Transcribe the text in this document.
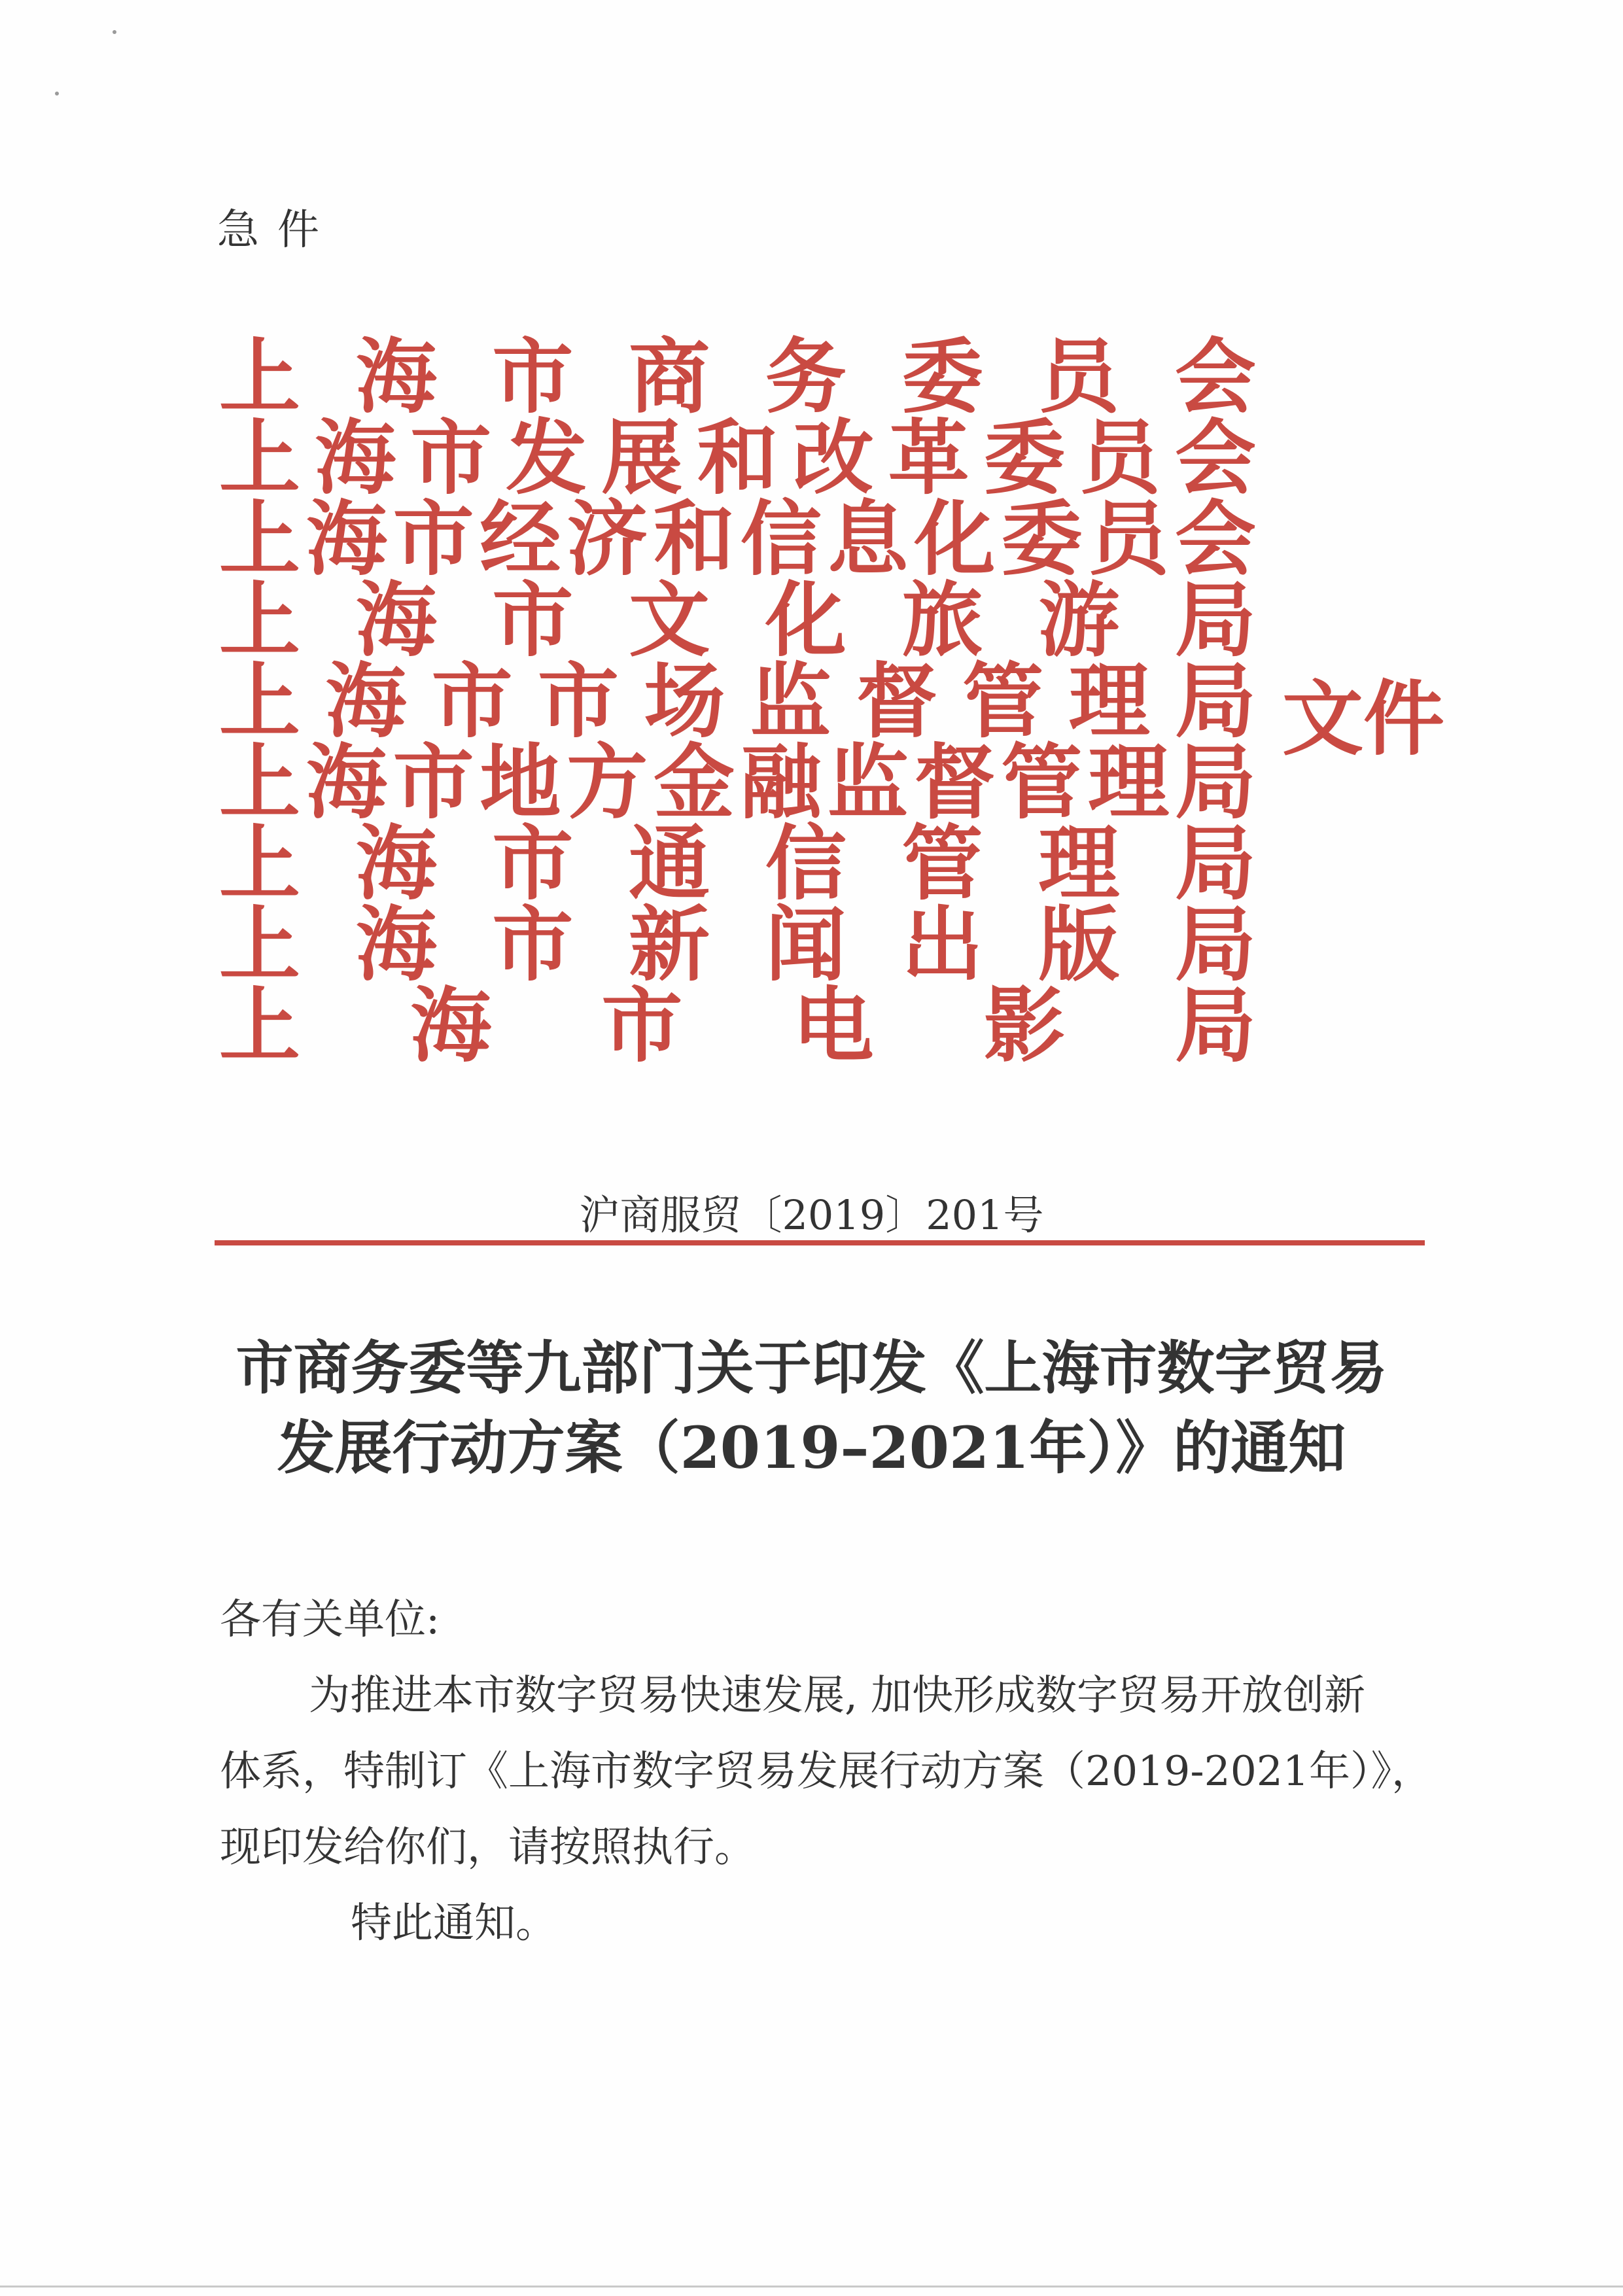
急件
上 海 市 商 务 委 员 会
上 海 市 发 展 和 改 革 委 员 会
上 海 市 经 济 和 信 息 化 委 员 会
上 海 市 文 化 旅 游 局
上 海 市 市 场 监 督 管 理 局
上 海 市 地 方 金 融 监 督 管 理 局
上 海 市 通 信 管 理 局
上 海 市 新 闻 出 版 局
上 海 市 电 影 局
文件
沪商服贸〔2019〕201号
市商务委等九部门关于印发《上海市数字贸易
发展行动方案（2019–2021年）》的通知

各有关单位:

为推进本市数字贸易快速发展, 加快形成数字贸易开放创新

体系，特制订《上海市数字贸易发展行动方案（2019-2021年）》，

现印发给你们，请按照执行。

特此通知。
